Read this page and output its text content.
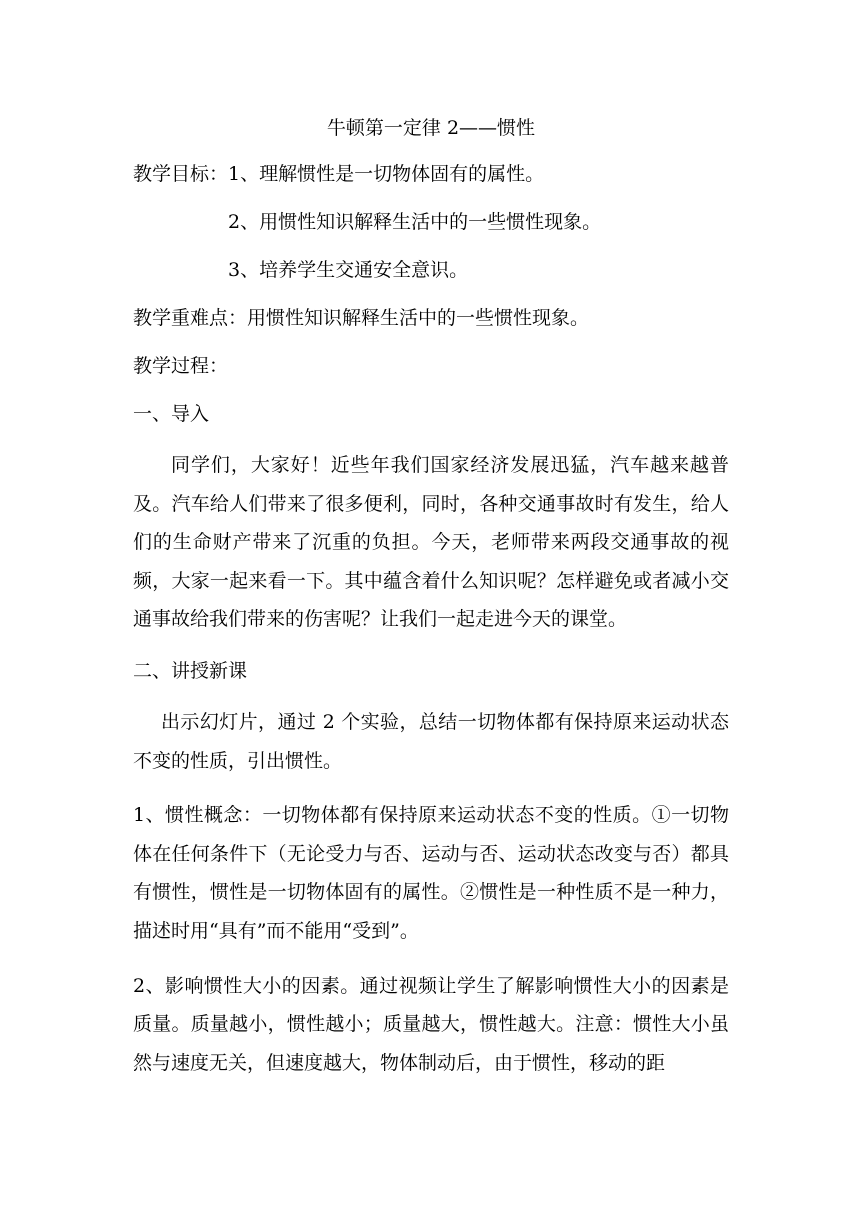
牛顿第一定律 2——惯性
教学目标：1、理解惯性是一切物体固有的属性。
2、用惯性知识解释生活中的一些惯性现象。
3、培养学生交通安全意识。
教学重难点：用惯性知识解释生活中的一些惯性现象。
教学过程：
一、导入
同学们，大家好！近些年我们国家经济发展迅猛，汽车越来越普及。汽车给人们带来了很多便利，同时，各种交通事故时有发生，给人们的生命财产带来了沉重的负担。今天，老师带来两段交通事故的视频，大家一起来看一下。其中蕴含着什么知识呢？怎样避免或者减小交通事故给我们带来的伤害呢？让我们一起走进今天的课堂。
二、讲授新课
出示幻灯片，通过 2 个实验，总结一切物体都有保持原来运动状态不变的性质，引出惯性。
1、惯性概念：一切物体都有保持原来运动状态不变的性质。①一切物体在任何条件下（无论受力与否、运动与否、运动状态改变与否）都具有惯性，惯性是一切物体固有的属性。②惯性是一种性质不是一种力，描述时用“具有”而不能用“受到”。
2、影响惯性大小的因素。通过视频让学生了解影响惯性大小的因素是质量。质量越小，惯性越小；质量越大，惯性越大。注意：惯性大小虽然与速度无关，但速度越大，物体制动后，由于惯性，移动的距
